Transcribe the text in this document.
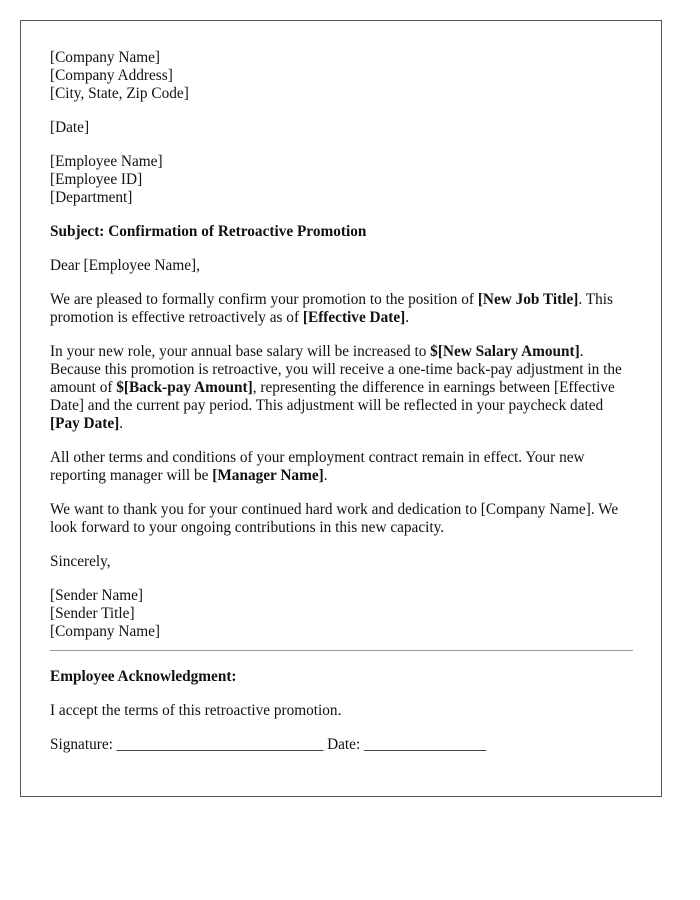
[Company Name]
[Company Address]
[City, State, Zip Code]
[Date]
[Employee Name]
[Employee ID]
[Department]

Subject: Confirmation of Retroactive Promotion

Dear [Employee Name],

We are pleased to formally confirm your promotion to the position of [New Job Title]. This promotion is effective retroactively as of [Effective Date].

In your new role, your annual base salary will be increased to $[New Salary Amount]. Because this promotion is retroactive, you will receive a one-time back-pay adjustment in the amount of $[Back-pay Amount], representing the difference in earnings between [Effective Date] and the current pay period. This adjustment will be reflected in your paycheck dated [Pay Date].

All other terms and conditions of your employment contract remain in effect. Your new reporting manager will be [Manager Name].

We want to thank you for your continued hard work and dedication to [Company Name]. We look forward to your ongoing contributions in this new capacity.

Sincerely,

[Sender Name]
[Sender Title]
[Company Name]

Employee Acknowledgment:

I accept the terms of this retroactive promotion.

Signature: ___________________________ Date: ________________
